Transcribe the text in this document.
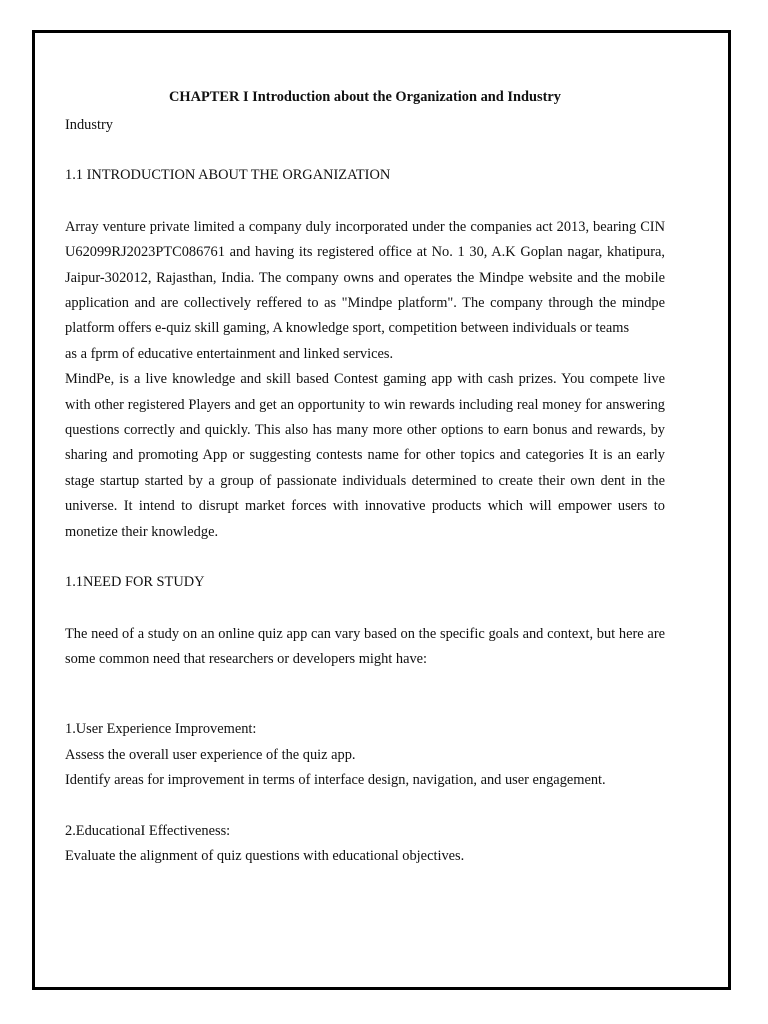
CHAPTER I Introduction about the Organization and Industry

Industry

1.1 INTRODUCTION ABOUT THE ORGANIZATION

Array venture private limited a company duly incorporated under the companies act 2013, bearing CIN U62099RJ2023PTC086761 and having its registered office at No. 1 30, A.K Goplan nagar, khatipura, Jaipur-302012, Rajasthan, India. The company owns and operates the Mindpe website and the mobile application and are collectively reffered to as "Mindpe platform". The company through the mindpe platform offers e-quiz skill gaming, A knowledge sport, competition between individuals or teams

as a fprm of educative entertainment and linked services.

MindPe, is a live knowledge and skill based Contest gaming app with cash prizes. You compete live with other registered Players and get an opportunity to win rewards including real money for answering questions correctly and quickly. This also has many more other options to earn bonus and rewards, by sharing and promoting App or suggesting contests name for other topics and categories It is an early stage startup started by a group of passionate individuals determined to create their own dent in the universe. It intend to disrupt market forces with innovative products which will empower users to monetize their knowledge.

1.1NEED FOR STUDY

The need of a study on an online quiz app can vary based on the specific goals and context, but here are some common need that researchers or developers might have:

1.User Experience Improvement:

Assess the overall user experience of the quiz app.

Identify areas for improvement in terms of interface design, navigation, and user engagement.

2.EducationaI Effectiveness:

Evaluate the alignment of quiz questions with educational objectives.
